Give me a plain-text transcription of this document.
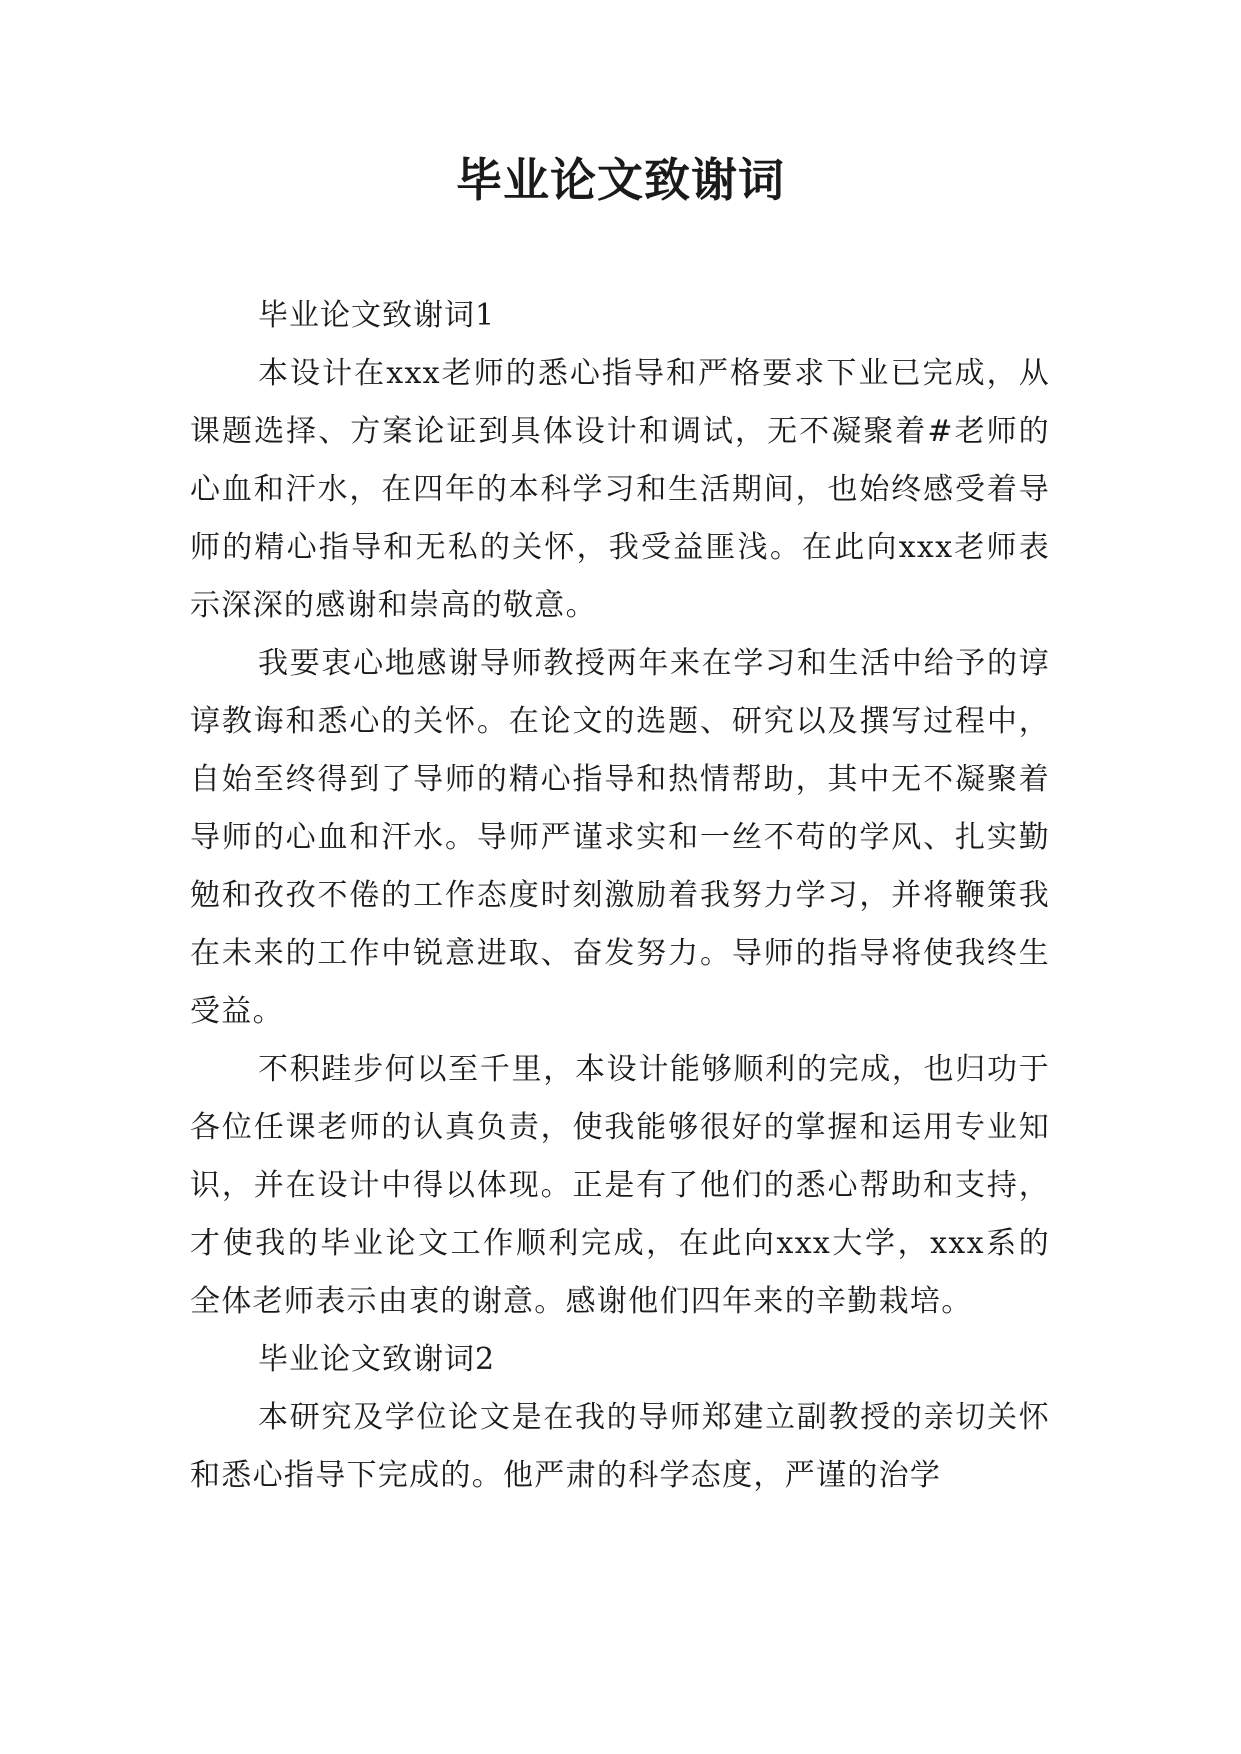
毕业论文致谢词

毕业论文致谢词1

本设计在xxx老师的悉心指导和严格要求下业已完成，从课题选择、方案论证到具体设计和调试，无不凝聚着#老师的心血和汗水，在四年的本科学习和生活期间，也始终感受着导师的精心指导和无私的关怀，我受益匪浅。在此向xxx老师表示深深的感谢和崇高的敬意。

我要衷心地感谢导师教授两年来在学习和生活中给予的谆谆教诲和悉心的关怀。在论文的选题、研究以及撰写过程中，自始至终得到了导师的精心指导和热情帮助，其中无不凝聚着导师的心血和汗水。导师严谨求实和一丝不苟的学风、扎实勤勉和孜孜不倦的工作态度时刻激励着我努力学习，并将鞭策我在未来的工作中锐意进取、奋发努力。导师的指导将使我终生受益。

不积跬步何以至千里，本设计能够顺利的完成，也归功于各位任课老师的认真负责，使我能够很好的掌握和运用专业知识，并在设计中得以体现。正是有了他们的悉心帮助和支持，才使我的毕业论文工作顺利完成，在此向xxx大学，xxx系的全体老师表示由衷的谢意。感谢他们四年来的辛勤栽培。

毕业论文致谢词2

本研究及学位论文是在我的导师郑建立副教授的亲切关怀和悉心指导下完成的。他严肃的科学态度，严谨的治学
